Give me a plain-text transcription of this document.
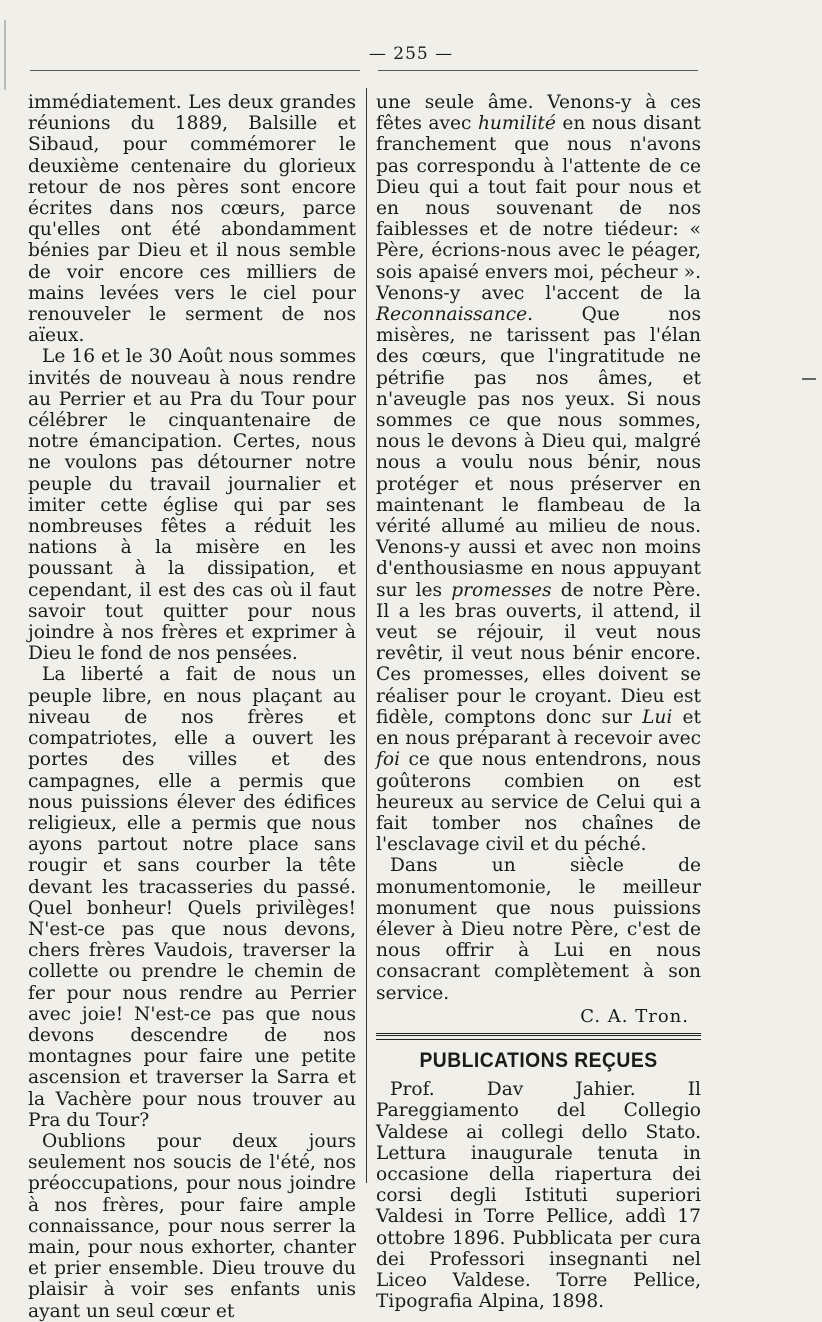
— 255 —

immédiatement. Les deux grandes réunions du 1889, Balsille et Sibaud, pour commémorer le deuxième centenaire du glorieux retour de nos pères sont encore écrites dans nos cœurs, parce qu'elles ont été abondamment bénies par Dieu et il nous semble de voir encore ces milliers de mains levées vers le ciel pour renouveler le serment de nos aïeux.

Le 16 et le 30 Août nous sommes invités de nouveau à nous rendre au Perrier et au Pra du Tour pour célébrer le cinquantenaire de notre émancipation. Certes, nous ne voulons pas détourner notre peuple du travail journalier et imiter cette église qui par ses nombreuses fêtes a réduit les nations à la misère en les poussant à la dissipation, et cependant, il est des cas où il faut savoir tout quitter pour nous joindre à nos frères et exprimer à Dieu le fond de nos pensées.

La liberté a fait de nous un peuple libre, en nous plaçant au niveau de nos frères et compatriotes, elle a ouvert les portes des villes et des campagnes, elle a permis que nous puissions élever des édifices religieux, elle a permis que nous ayons partout notre place sans rougir et sans courber la tête devant les tracasseries du passé. Quel bonheur! Quels privilèges! N'est-ce pas que nous devons, chers frères Vaudois, traverser la collette ou prendre le chemin de fer pour nous rendre au Perrier avec joie! N'est-ce pas que nous devons descendre de nos montagnes pour faire une petite ascension et traverser la Sarra et la Vachère pour nous trouver au Pra du Tour?

Oublions pour deux jours seulement nos soucis de l'été, nos préoccupations, pour nous joindre à nos frères, pour faire ample connaissance, pour nous serrer la main, pour nous exhorter, chanter et prier ensemble. Dieu trouve du plaisir à voir ses enfants unis ayant un seul cœur et

une seule âme. Venons-y à ces fêtes avec humilité en nous disant franchement que nous n'avons pas correspondu à l'attente de ce Dieu qui a tout fait pour nous et en nous souvenant de nos faiblesses et de notre tiédeur: « Père, écrions-nous avec le péager, sois apaisé envers moi, pécheur ». Venons-y avec l'accent de la Reconnaissance. Que nos misères, ne tarissent pas l'élan des cœurs, que l'ingratitude ne pétrifie pas nos âmes, et n'aveugle pas nos yeux. Si nous sommes ce que nous sommes, nous le devons à Dieu qui, malgré nous a voulu nous bénir, nous protéger et nous préserver en maintenant le flambeau de la vérité allumé au milieu de nous. Venons-y aussi et avec non moins d'enthousiasme en nous appuyant sur les promesses de notre Père. Il a les bras ouverts, il attend, il veut se réjouir, il veut nous revêtir, il veut nous bénir encore. Ces promesses, elles doivent se réaliser pour le croyant. Dieu est fidèle, comptons donc sur Lui et en nous préparant à recevoir avec foi ce que nous entendrons, nous goûterons combien on est heureux au service de Celui qui a fait tomber nos chaînes de l'esclavage civil et du péché.

Dans un siècle de monumentomonie, le meilleur monument que nous puissions élever à Dieu notre Père, c'est de nous offrir à Lui en nous consacrant complètement à son service.

C. A. Tron.

PUBLICATIONS REÇUES

Prof. Dav Jahier. Il Pareggiamento del Collegio Valdese ai collegi dello Stato. Lettura inaugurale tenuta in occasione della riapertura dei corsi degli Istituti superiori Valdesi in Torre Pellice, addì 17 ottobre 1896. Pubblicata per cura dei Professori insegnanti nel Liceo Valdese. Torre Pellice, Tipografia Alpina, 1898.
